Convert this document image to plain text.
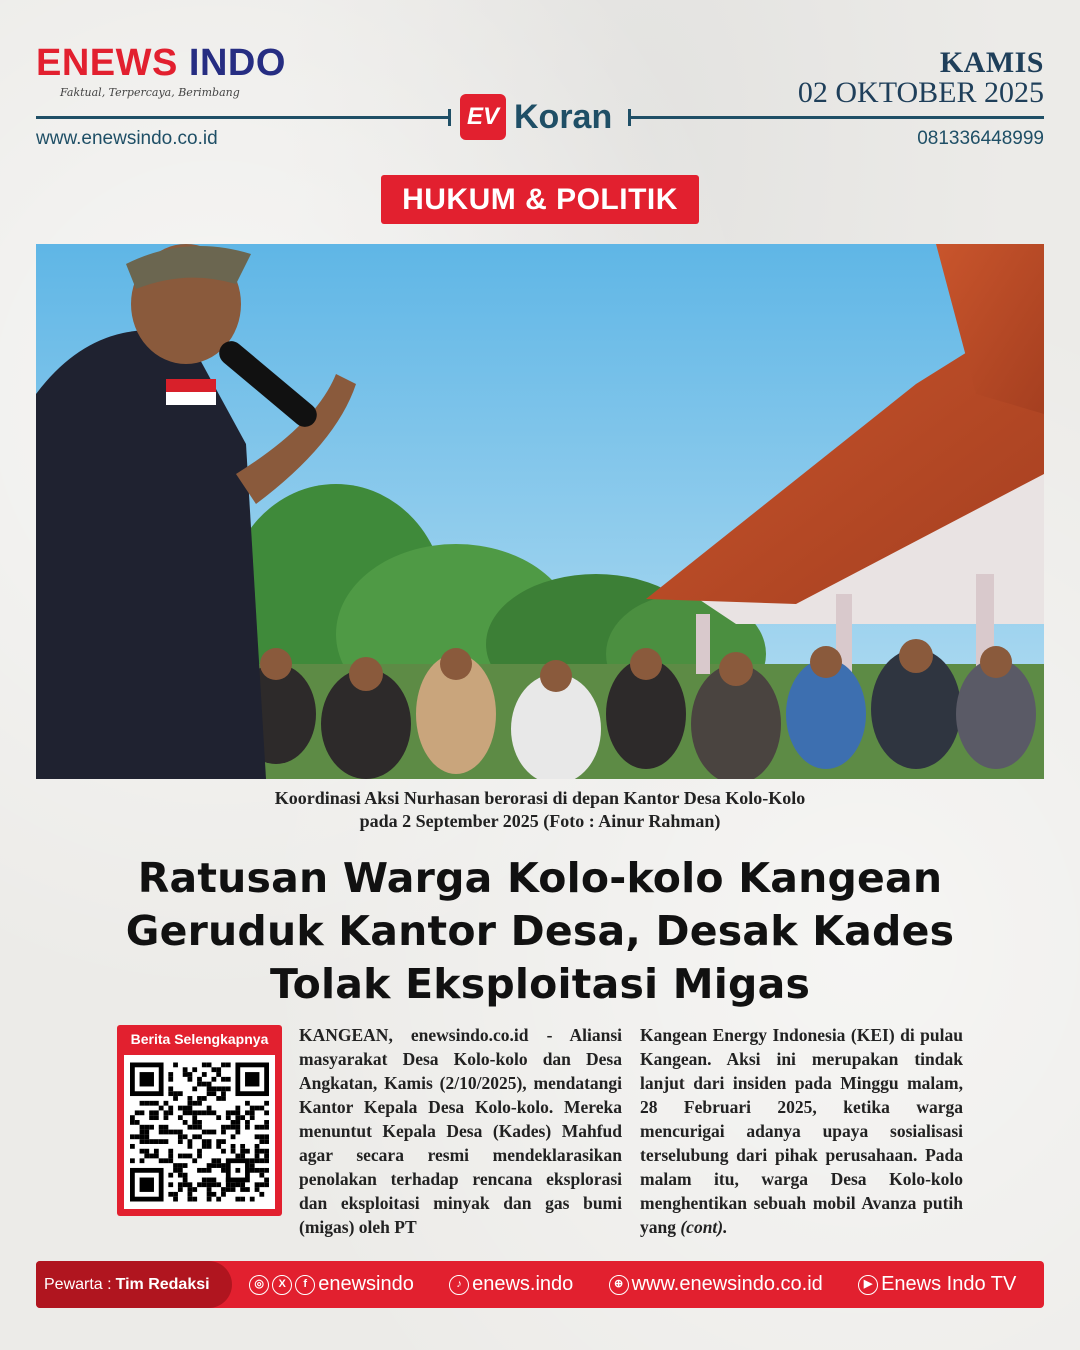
ENEWS INDO
Faktual, Terpercaya, Berimbang
KAMIS
02 OKTOBER 2025
EV Koran
www.enewsindo.co.id	081336448999
HUKUM & POLITIK
Koordinasi Aksi Nurhasan berorasi di depan Kantor Desa Kolo-Kolo
pada 2 September 2025 (Foto : Ainur Rahman)
Ratusan Warga Kolo-kolo Kangean
Geruduk Kantor Desa, Desak Kades
Tolak Eksploitasi Migas
Berita Selengkapnya	KANGEAN, enewsindo.co.id - Aliansi masyarakat Desa Kolo-kolo dan Desa Angkatan, Kamis (2/10/2025), mendatangi Kantor Kepala Desa Kolo-kolo. Mereka menuntut Kepala Desa (Kades) Mahfud agar secara resmi mendeklarasikan penolakan terhadap rencana eksplorasi dan eksploitasi minyak dan gas bumi (migas) oleh PT
Kangean Energy Indonesia (KEI) di pulau Kangean. Aksi ini merupakan tindak lanjut dari insiden pada Minggu malam, 28 Februari 2025, ketika warga mencurigai adanya upaya sosialisasi terselubung dari pihak perusahaan. Pada malam itu, warga Desa Kolo-kolo menghentikan sebuah mobil Avanza putih yang (cont).
Pewarta : Tim Redaksi	◎	X	f enewsindo	♪ enews.indo	⊕ www.enewsindo.co.id	▶ Enews Indo TV
